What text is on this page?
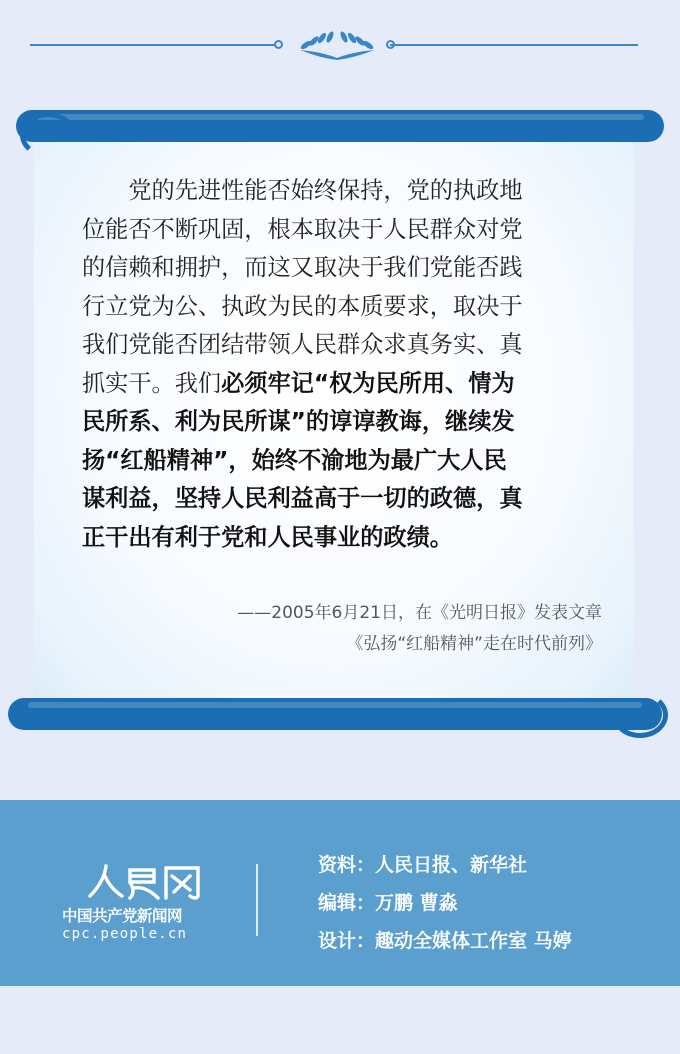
　　党的先进性能否始终保持，党的执政地
位能否不断巩固，根本取决于人民群众对党
的信赖和拥护，而这又取决于我们党能否践
行立党为公、执政为民的本质要求，取决于
我们党能否团结带领人民群众求真务实、真
抓实干。我们必须牢记“权为民所用、情为
民所系、利为民所谋”的谆谆教诲，继续发
扬“红船精神”，始终不渝地为最广大人民
谋利益，坚持人民利益高于一切的政德，真
正干出有利于党和人民事业的政绩。
——2005年6月21日，在《光明日报》发表文章
《弘扬“红船精神”走在时代前列》
中国共产党新闻网
cpc.people.cn
资料：人民日报、新华社
编辑：万鹏 曹淼
设计：趣动全媒体工作室 马婷
